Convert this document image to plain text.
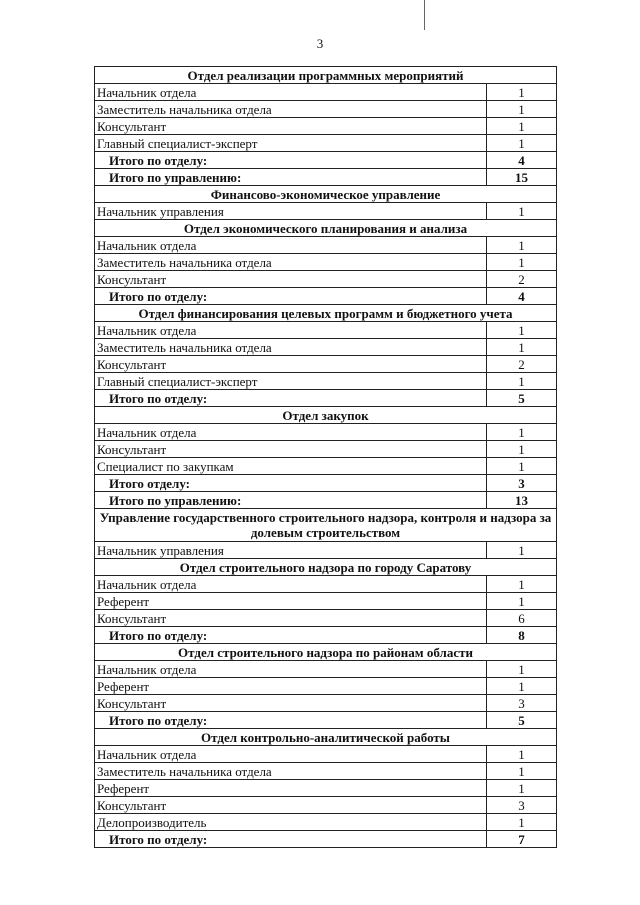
3
Отдел реализации программных мероприятий	
Начальник отдела	1
Заместитель начальника отдела	1
Консультант	1
Главный специалист-эксперт	1
Итого по отделу:	4
Итого по управлению:	15
Финансово-экономическое управление	
Начальник управления	1
Отдел экономического планирования и анализа	
Начальник отдела	1
Заместитель начальника отдела	1
Консультант	2
Итого по отделу:	4
Отдел финансирования целевых программ и бюджетного учета	
Начальник отдела	1
Заместитель начальника отдела	1
Консультант	2
Главный специалист-эксперт	1
Итого по отделу:	5
Отдел закупок	
Начальник отдела	1
Консультант	1
Специалист по закупкам	1
Итого отделу:	3
Итого по управлению:	13
Управление государственного строительного надзора, контроля и надзора за долевым строительством	
Начальник управления	1
Отдел строительного надзора по городу Саратову	
Начальник отдела	1
Референт	1
Консультант	6
Итого по отделу:	8
Отдел строительного надзора по районам области	
Начальник отдела	1
Референт	1
Консультант	3
Итого по отделу:	5
Отдел контрольно-аналитической работы	
Начальник отдела	1
Заместитель начальника отдела	1
Референт	1
Консультант	3
Делопроизводитель	1
Итого по отделу:	7
